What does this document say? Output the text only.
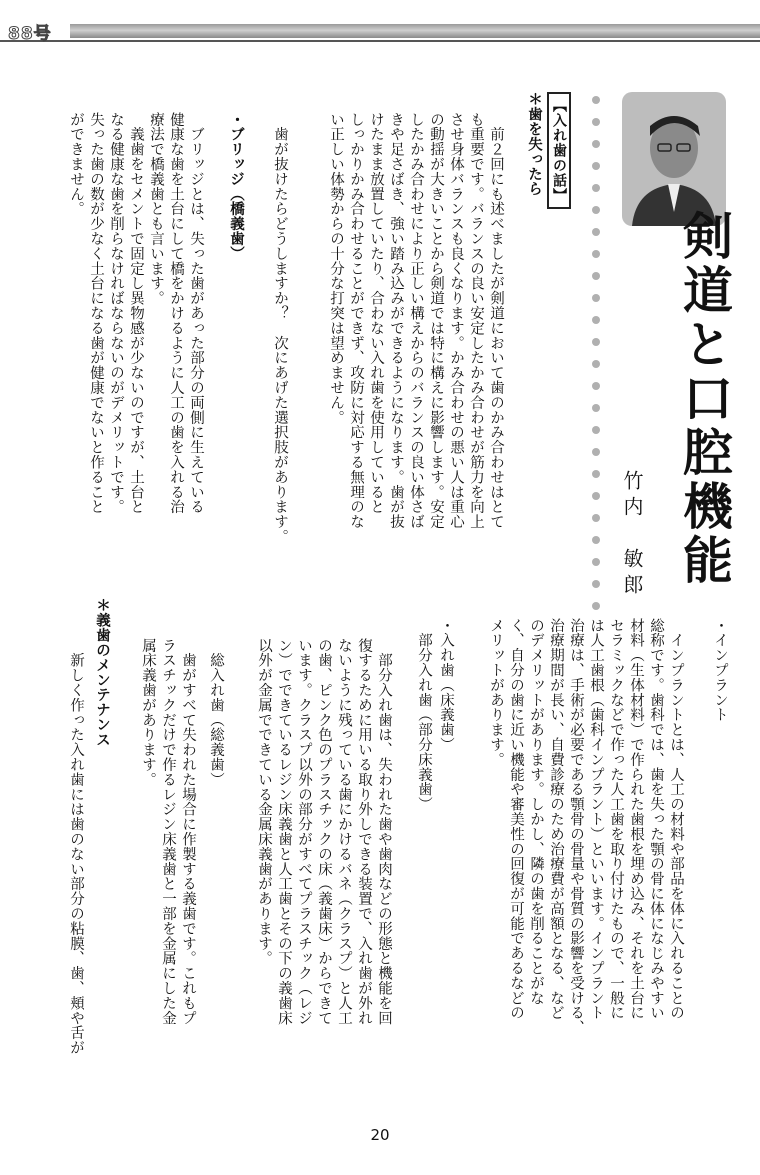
88号
剣道と口腔機能
竹内　敏郎
【入れ歯の話】
＊歯を失ったら
　前２回にも述べましたが剣道において歯のかみ合わせはとて
も重要です。バランスの良い安定したかみ合わせが筋力を向上
させ身体バランスも良くなります。かみ合わせの悪い人は重心
の動揺が大きいことから剣道では特に構えに影響します。安定
したかみ合わせにより正しい構えからのバランスの良い体さば
きや足さばき、強い踏み込みができるようになります。歯が抜
けたまま放置していたり、合わない入れ歯を使用していると
しっかりかみ合わせることができず、攻防に対応する無理のな
い正しい体勢からの十分な打突は望めません。
　歯が抜けたらどうしますか？　次にあげた選択肢があります。
・ブリッジ（橋義歯）
　ブリッジとは、失った歯があった部分の両側に生えている
健康な歯を土台にして橋をかけるように人工の歯を入れる治
療法で橋義歯とも言います。
　義歯をセメントで固定し異物感が少ないのですが、土台と
なる健康な歯を削らなければならないのがデメリットです。
失った歯の数が少なく土台になる歯が健康でないと作ること
ができません。
・インプラント
　インプラントとは、人工の材料や部品を体に入れることの
総称です。歯科では、歯を失った顎の骨に体になじみやすい
材料（生体材料）で作られた歯根を埋め込み、それを土台に
セラミックなどで作った人工歯を取り付けたもので、一般に
は人工歯根（歯科インプラント）といいます。インプラント
治療は、手術が必要である顎骨の骨量や骨質の影響を受ける、
治療期間が長い、自費診療のため治療費が高額となる、など
のデメリットがあります。しかし、隣の歯を削ることがな
く、自分の歯に近い機能や審美性の回復が可能であるなどの
メリットがあります。
・入れ歯（床義歯）
　部分入れ歯（部分床義歯）
　部分入れ歯は、失われた歯や歯肉などの形態と機能を回
復するために用いる取り外しできる装置で、入れ歯が外れ
ないように残っている歯にかけるバネ（クラスプ）と人工
の歯、ピンク色のプラスチックの床（義歯床）からできて
います。クラスプ以外の部分がすべてプラスチック（レジ
ン）でできているレジン床義歯と人工歯とその下の義歯床
以外が金属でできている金属床義歯があります。
　総入れ歯（総義歯）
　歯がすべて失われた場合に作製する義歯です。これもプ
ラスチックだけで作るレジン床義歯と一部を金属にした金
属床義歯があります。
＊義歯のメンテナンス
　新しく作った入れ歯には歯のない部分の粘膜、歯、頬や舌が
20
